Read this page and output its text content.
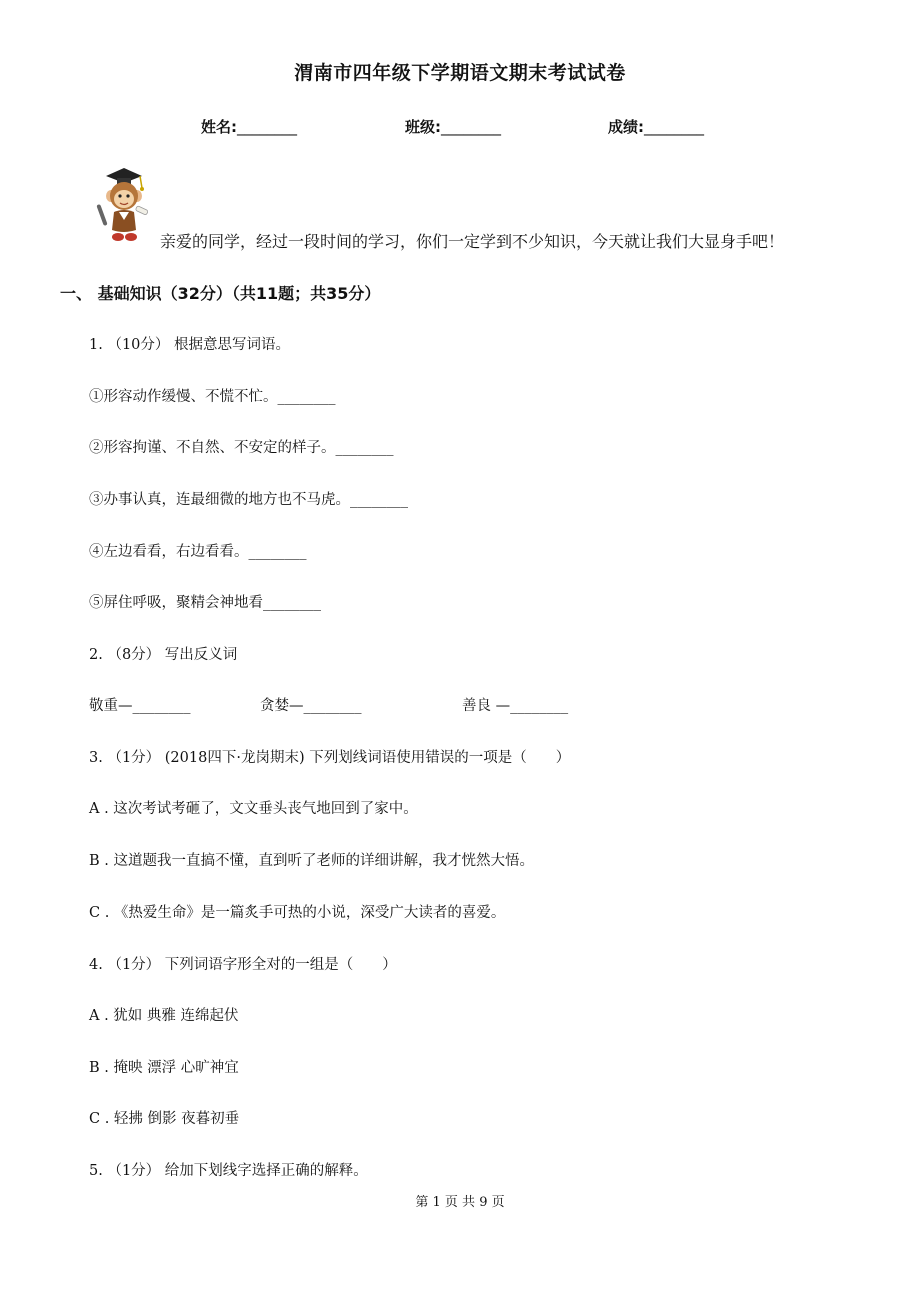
渭南市四年级下学期语文期末考试试卷
姓名:________	班级:________	成绩:________
亲爱的同学，经过一段时间的学习，你们一定学到不少知识，今天就让我们大显身手吧！
一、 基础知识（32分）（共11题；共35分）
1. （10分） 根据意思写词语。
①形容动作缓慢、不慌不忙。________
②形容拘谨、不自然、不安定的样子。________
③办事认真，连最细微的地方也不马虎。________
④左边看看，右边看看。________
⑤屏住呼吸，聚精会神地看________
2. （8分） 写出反义词
敬重—________	贪婪—________	善良 —________
3. （1分） (2018四下·龙岗期末) 下列划线词语使用错误的一项是（　　）
A . 这次考试考砸了，文文垂头丧气地回到了家中。
B . 这道题我一直搞不懂，直到听了老师的详细讲解，我才恍然大悟。
C . 《热爱生命》是一篇炙手可热的小说，深受广大读者的喜爱。
4. （1分） 下列词语字形全对的一组是（　　）
A . 犹如 典雅 连绵起伏
B . 掩映 漂浮 心旷神宜
C . 轻拂 倒影 夜暮初垂
5. （1分） 给加下划线字选择正确的解释。
第 1 页 共 9 页
